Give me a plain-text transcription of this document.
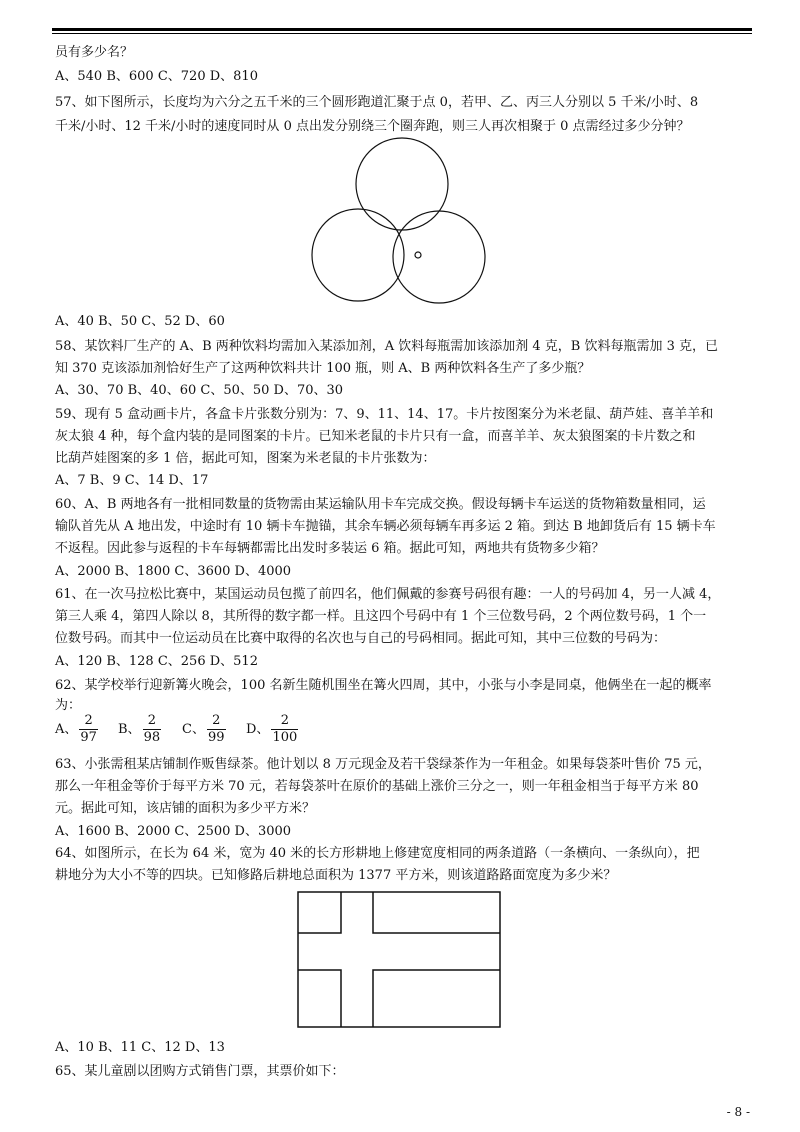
员有多少名？
A、540 B、600 C、720 D、810
57、如下图所示，长度均为六分之五千米的三个圆形跑道汇聚于点 0，若甲、乙、丙三人分别以 5 千米/小时、8
千米/小时、12 千米/小时的速度同时从 0 点出发分别绕三个圈奔跑，则三人再次相聚于 0 点需经过多少分钟？
A、40 B、50 C、52 D、60
58、某饮料厂生产的 A、B 两种饮料均需加入某添加剂，A 饮料每瓶需加该添加剂 4 克，B 饮料每瓶需加 3 克，已
知 370 克该添加剂恰好生产了这两种饮料共计 100 瓶，则 A、B 两种饮料各生产了多少瓶？
A、30、70 B、40、60 C、50、50 D、70、30
59、现有 5 盒动画卡片，各盒卡片张数分别为：7、9、11、14、17。卡片按图案分为米老鼠、葫芦娃、喜羊羊和
灰太狼 4 种，每个盒内装的是同图案的卡片。已知米老鼠的卡片只有一盒，而喜羊羊、灰太狼图案的卡片数之和
比葫芦娃图案的多 1 倍，据此可知，图案为米老鼠的卡片张数为：
A、7 B、9 C、14 D、17
60、A、B 两地各有一批相同数量的货物需由某运输队用卡车完成交换。假设每辆卡车运送的货物箱数量相同，运
输队首先从 A 地出发，中途时有 10 辆卡车抛锚，其余车辆必须每辆车再多运 2 箱。到达 B 地卸货后有 15 辆卡车
不返程。因此参与返程的卡车每辆都需比出发时多装运 6 箱。据此可知，两地共有货物多少箱？
A、2000 B、1800 C、3600 D、4000
61、在一次马拉松比赛中，某国运动员包揽了前四名，他们佩戴的参赛号码很有趣：一人的号码加 4，另一人减 4，
第三人乘 4，第四人除以 8，其所得的数字都一样。且这四个号码中有 1 个三位数号码，2 个两位数号码，1 个一
位数号码。而其中一位运动员在比赛中取得的名次也与自己的号码相同。据此可知，其中三位数的号码为：
A、120 B、128 C、256 D、512
62、某学校举行迎新篝火晚会，100 名新生随机围坐在篝火四周，其中，小张与小李是同桌，他俩坐在一起的概率
为：
A、 $\frac{2}{97}$ B、 $\frac{2}{98}$ C、 $\frac{2}{99}$ D、 $\frac{2}{100}$
63、小张需租某店铺制作贩售绿茶。他计划以 8 万元现金及若干袋绿茶作为一年租金。如果每袋茶叶售价 75 元，
那么一年租金等价于每平方米 70 元，若每袋茶叶在原价的基础上涨价三分之一，则一年租金相当于每平方米 80
元。据此可知，该店铺的面积为多少平方米？
A、1600 B、2000 C、2500 D、3000
64、如图所示，在长为 64 米，宽为 40 米的长方形耕地上修建宽度相同的两条道路（一条横向、一条纵向），把
耕地分为大小不等的四块。已知修路后耕地总面积为 1377 平方米，则该道路路面宽度为多少米？
A、10 B、11 C、12 D、13
65、某儿童剧以团购方式销售门票，其票价如下：
- 8 -
